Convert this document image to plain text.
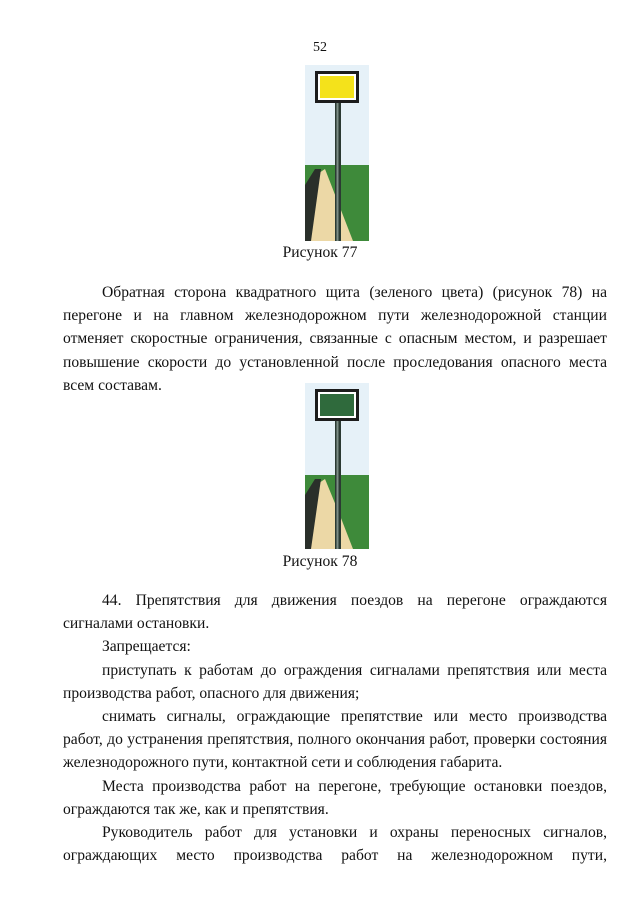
52
Рисунок 77

Обратная сторона квадратного щита (зеленого цвета) (рисунок 78) на перегоне и на главном железнодорожном пути железнодорожной станции отменяет скоростные ограничения, связанные с опасным местом, и разрешает повышение скорости до установленной после проследования опасного места всем составам.

Рисунок 78

44. Препятствия для движения поездов на перегоне ограждаются сигналами остановки.

Запрещается:

приступать к работам до ограждения сигналами препятствия или места производства работ, опасного для движения;

снимать сигналы, ограждающие препятствие или место производства работ, до устранения препятствия, полного окончания работ, проверки состояния железнодорожного пути, контактной сети и соблюдения габарита.

Места производства работ на перегоне, требующие остановки поездов, ограждаются так же, как и препятствия.

Руководитель работ для установки и охраны переносных сигналов, ограждающих место производства работ на железнодорожном пути,
